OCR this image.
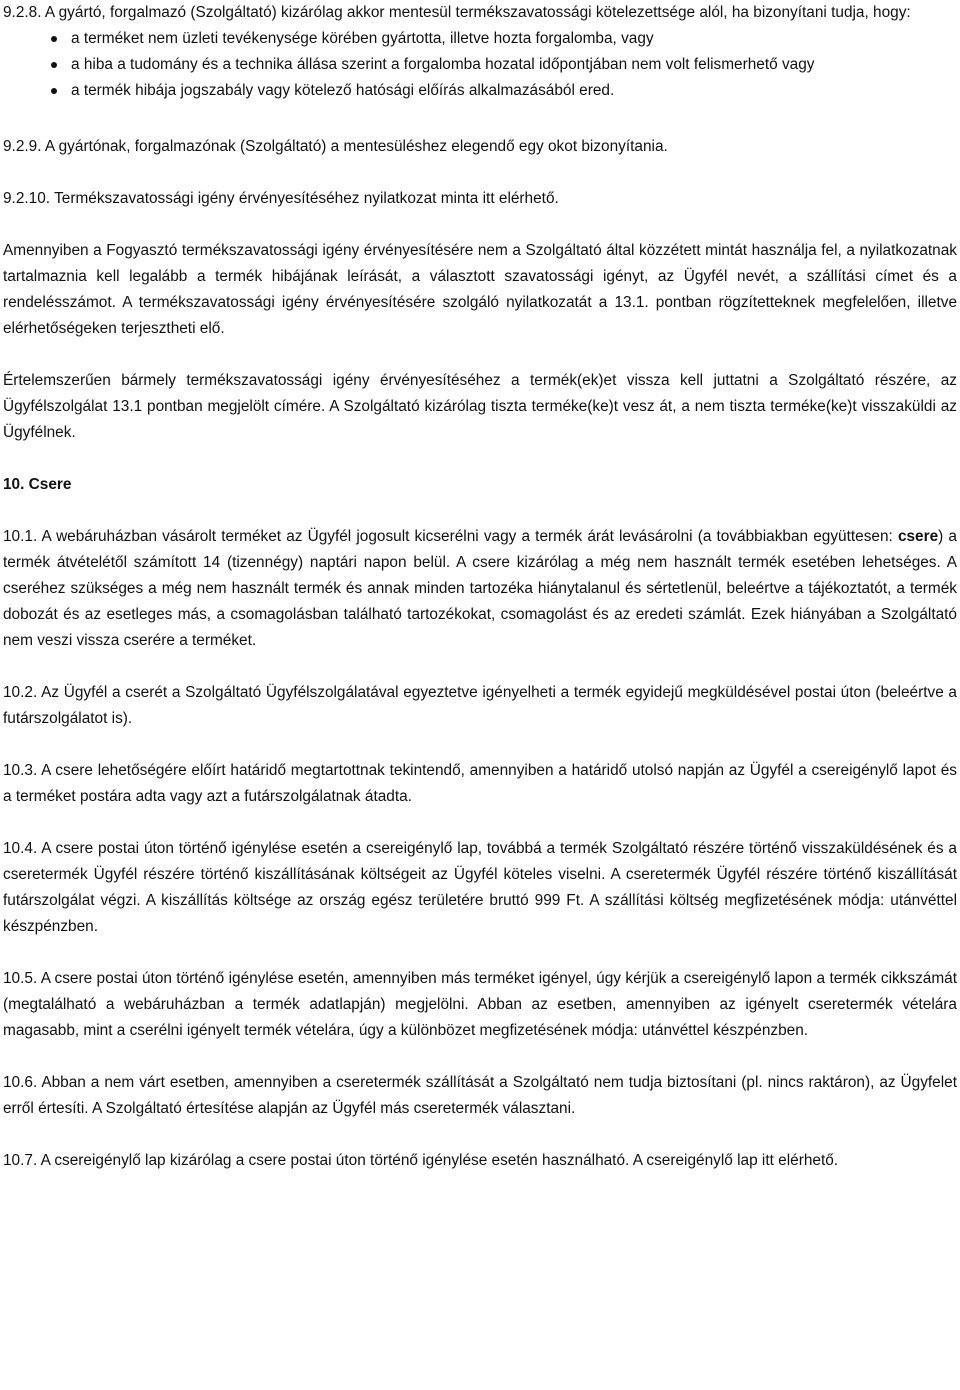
9.2.8. A gyártó, forgalmazó (Szolgáltató) kizárólag akkor mentesül termékszavatossági kötelezettsége alól, ha bizonyítani tudja, hogy:

a terméket nem üzleti tevékenysége körében gyártotta, illetve hozta forgalomba, vagy
a hiba a tudomány és a technika állása szerint a forgalomba hozatal időpontjában nem volt felismerhető vagy
a termék hibája jogszabály vagy kötelező hatósági előírás alkalmazásából ered.

9.2.9. A gyártónak, forgalmazónak (Szolgáltató) a mentesüléshez elegendő egy okot bizonyítania.

9.2.10. Termékszavatossági igény érvényesítéséhez nyilatkozat minta itt elérhető.

Amennyiben a Fogyasztó termékszavatossági igény érvényesítésére nem a Szolgáltató által közzétett mintát használja fel, a nyilatkozatnak tartalmaznia kell legalább a termék hibájának leírását, a választott szavatossági igényt, az Ügyfél nevét, a szállítási címet és a rendelésszámot. A termékszavatossági igény érvényesítésére szolgáló nyilatkozatát a 13.1. pontban rögzítetteknek megfelelően, illetve elérhetőségeken terjesztheti elő.

Értelemszerűen bármely termékszavatossági igény érvényesítéséhez a termék(ek)et vissza kell juttatni a Szolgáltató részére, az Ügyfélszolgálat 13.1 pontban megjelölt címére. A Szolgáltató kizárólag tiszta terméke(ke)t vesz át, a nem tiszta terméke(ke)t visszaküldi az Ügyfélnek.

10. Csere

10.1. A webáruházban vásárolt terméket az Ügyfél jogosult kicserélni vagy a termék árát levásárolni (a továbbiakban együttesen: csere) a termék átvételétől számított 14 (tizennégy) naptári napon belül. A csere kizárólag a még nem használt termék esetében lehetséges. A cseréhez szükséges a még nem használt termék és annak minden tartozéka hiánytalanul és sértetlenül, beleértve a tájékoztatót, a termék dobozát és az esetleges más, a csomagolásban található tartozékokat, csomagolást és az eredeti számlát. Ezek hiányában a Szolgáltató nem veszi vissza cserére a terméket.

10.2. Az Ügyfél a cserét a Szolgáltató Ügyfélszolgálatával egyeztetve igényelheti a termék egyidejű megküldésével postai úton (beleértve a futárszolgálatot is).

10.3. A csere lehetőségére előírt határidő megtartottnak tekintendő, amennyiben a határidő utolsó napján az Ügyfél a csereigénylő lapot és a terméket postára adta vagy azt a futárszolgálatnak átadta.

10.4. A csere postai úton történő igénylése esetén a csereigénylő lap, továbbá a termék Szolgáltató részére történő visszaküldésének és a cseretermék Ügyfél részére történő kiszállításának költségeit az Ügyfél köteles viselni. A cseretermék Ügyfél részére történő kiszállítását futárszolgálat végzi. A kiszállítás költsége az ország egész területére bruttó 999 Ft. A szállítási költség megfizetésének módja: utánvéttel készpénzben.

10.5. A csere postai úton történő igénylése esetén, amennyiben más terméket igényel, úgy kérjük a csereigénylő lapon a termék cikkszámát (megtalálható a webáruházban a termék adatlapján) megjelölni. Abban az esetben, amennyiben az igényelt cseretermék vételára magasabb, mint a cserélni igényelt termék vételára, úgy a különbözet megfizetésének módja: utánvéttel készpénzben.

10.6. Abban a nem várt esetben, amennyiben a cseretermék szállítását a Szolgáltató nem tudja biztosítani (pl. nincs raktáron), az Ügyfelet erről értesíti. A Szolgáltató értesítése alapján az Ügyfél más cseretermék választani.

10.7. A csereigénylő lap kizárólag a csere postai úton történő igénylése esetén használható. A csereigénylő lap itt elérhető.
